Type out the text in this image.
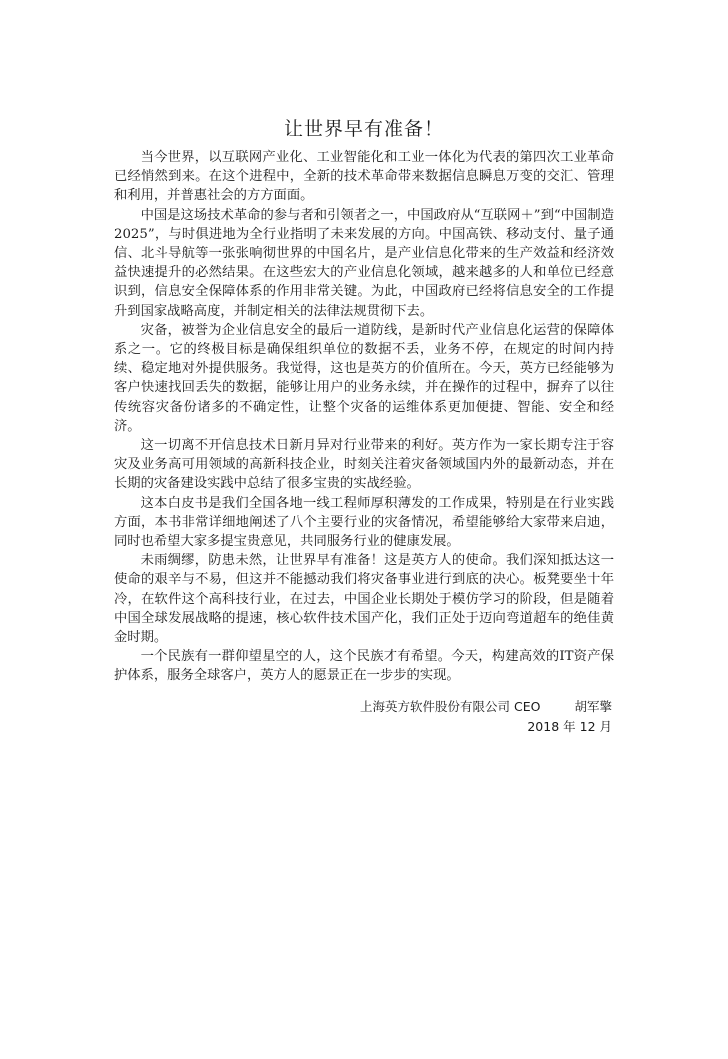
让世界早有准备！

当今世界，以互联网产业化、工业智能化和工业一体化为代表的第四次工业革命已经悄然到来。在这个进程中，全新的技术革命带来数据信息瞬息万变的交汇、管理和利用，并普惠社会的方方面面。

中国是这场技术革命的参与者和引领者之一，中国政府从“互联网＋”到“中国制造2025”，与时俱进地为全行业指明了未来发展的方向。中国高铁、移动支付、量子通信、北斗导航等一张张响彻世界的中国名片，是产业信息化带来的生产效益和经济效益快速提升的必然结果。在这些宏大的产业信息化领域，越来越多的人和单位已经意识到，信息安全保障体系的作用非常关键。为此，中国政府已经将信息安全的工作提升到国家战略高度，并制定相关的法律法规贯彻下去。

灾备，被誉为企业信息安全的最后一道防线，是新时代产业信息化运营的保障体系之一。它的终极目标是确保组织单位的数据不丢，业务不停，在规定的时间内持续、稳定地对外提供服务。我觉得，这也是英方的价值所在。今天，英方已经能够为客户快速找回丢失的数据，能够让用户的业务永续，并在操作的过程中，摒弃了以往传统容灾备份诸多的不确定性，让整个灾备的运维体系更加便捷、智能、安全和经济。

这一切离不开信息技术日新月异对行业带来的利好。英方作为一家长期专注于容灾及业务高可用领域的高新科技企业，时刻关注着灾备领域国内外的最新动态，并在长期的灾备建设实践中总结了很多宝贵的实战经验。

这本白皮书是我们全国各地一线工程师厚积薄发的工作成果，特别是在行业实践方面，本书非常详细地阐述了八个主要行业的灾备情况，希望能够给大家带来启迪，同时也希望大家多提宝贵意见，共同服务行业的健康发展。

未雨绸缪，防患未然，让世界早有准备！这是英方人的使命。我们深知抵达这一使命的艰辛与不易，但这并不能撼动我们将灾备事业进行到底的决心。板凳要坐十年冷，在软件这个高科技行业，在过去，中国企业长期处于模仿学习的阶段，但是随着中国全球发展战略的提速，核心软件技术国产化，我们正处于迈向弯道超车的绝佳黄金时期。

一个民族有一群仰望星空的人，这个民族才有希望。今天，构建高效的IT资产保护体系，服务全球客户，英方人的愿景正在一步步的实现。

上海英方软件股份有限公司 CEO	胡军擎
2018 年 12 月
